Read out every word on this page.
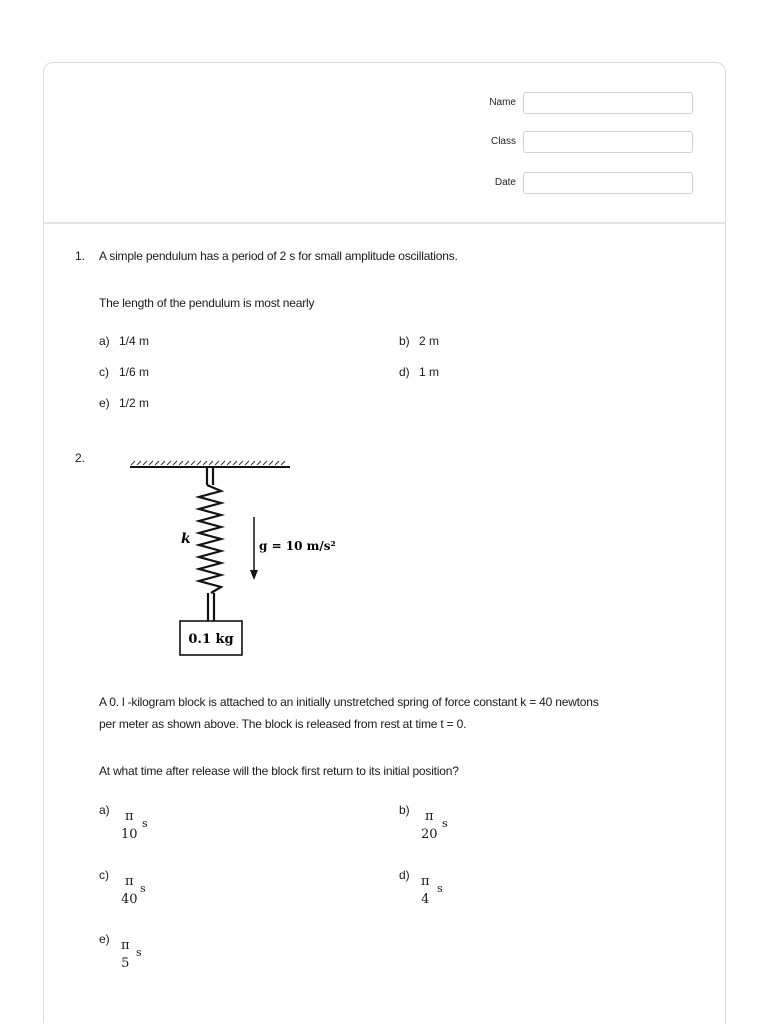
Name
Class
Date
1. A simple pendulum has a period of 2 s for small amplitude oscillations.
The length of the pendulum is most nearly
a) 1/4 m	b) 2 m
c) 1/6 m	d) 1 m
e) 1/2 m
2.
k	g = 10 m/s²
0.1 kg
A 0. l -kilogram block is attached to an initially unstretched spring of force constant k = 40 newtons
per meter as shown above. The block is released from rest at time t = 0.
At what time after release will the block first return to its initial position?
a)	π
10
s
b)	π
20
s
c)	π
40
s
d) π
4
s
e) π
5
s
